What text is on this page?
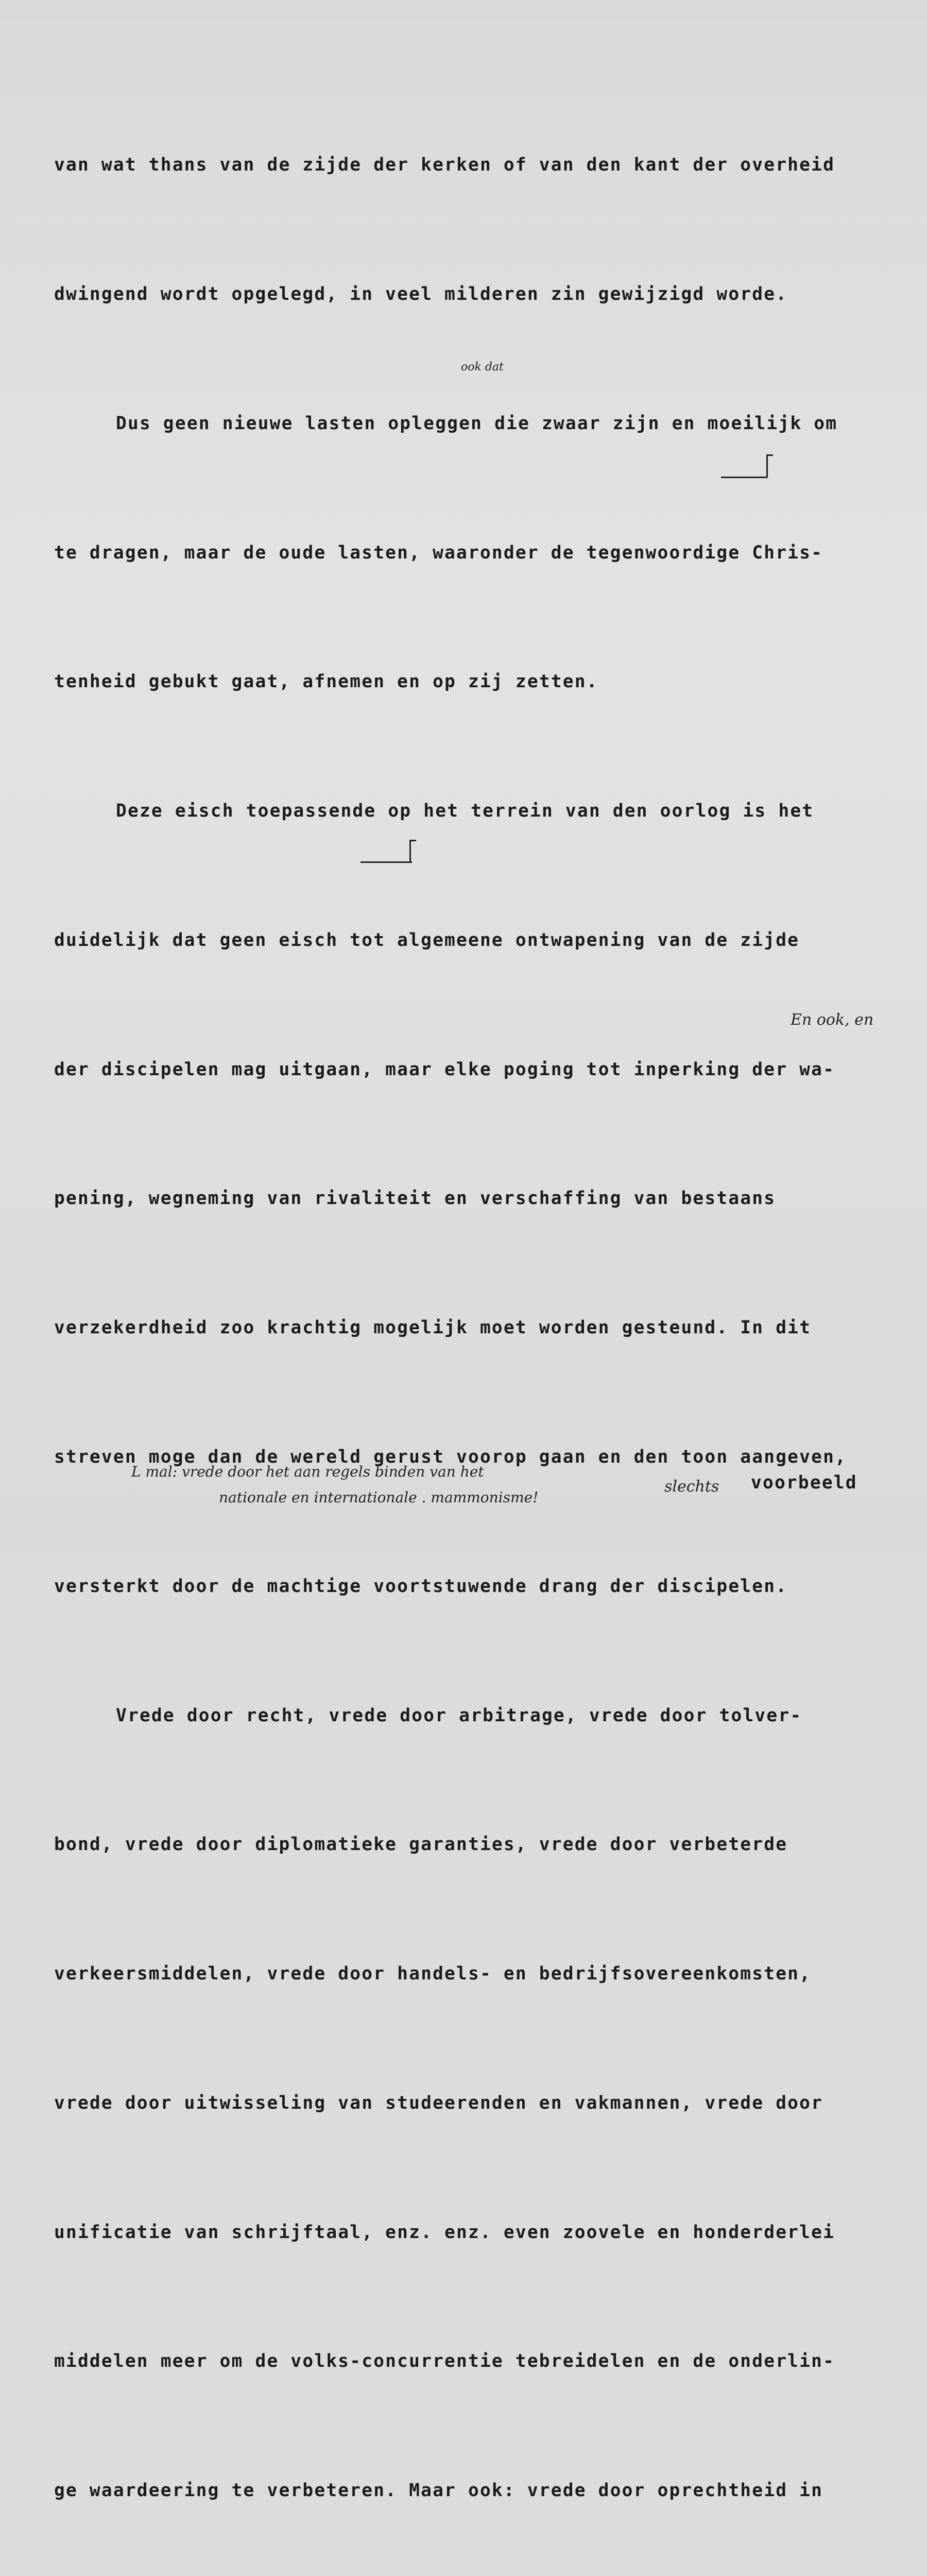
van wat thans van de zijde der kerken of van den kant der overheid

dwingend wordt opgelegd, in veel milderen zin gewijzigd worde.

Dus geen nieuwe lasten opleggen die zwaar zijn en moeilijk om

te dragen, maar de oude lasten, waaronder de tegenwoordige Chris-

tenheid gebukt gaat, afnemen en op zij zetten.

Deze eisch toepassende op het terrein van den oorlog is het

duidelijk dat geen eisch tot algemeene ontwapening van de zijde

der discipelen mag uitgaan, maar elke poging tot inperking der wa-

pening, wegneming van rivaliteit en verschaffing van bestaans

verzekerdheid zoo krachtig mogelijk moet worden gesteund. In dit

streven moge dan de wereld gerust voorop gaan en den toon aangeven,

versterkt door de machtige voortstuwende drang der discipelen.

Vrede door recht, vrede door arbitrage, vrede door tolver-

bond, vrede door diplomatieke garanties, vrede door verbeterde

verkeersmiddelen, vrede door handels- en bedrijfsovereenkomsten,

vrede door uitwisseling van studeerenden en vakmannen, vrede door

unificatie van schrijftaal, enz. enz. even zoovele en honderderlei

middelen meer om de volks-concurrentie tebreidelen en de onderlin-

ge waardeering te verbeteren. Maar ook: vrede door oprechtheid in

ook dat
En ook, en
L mal: vrede door het aan regels binden van het
nationale en internationale . mammonisme!
slechts voorbeeld
